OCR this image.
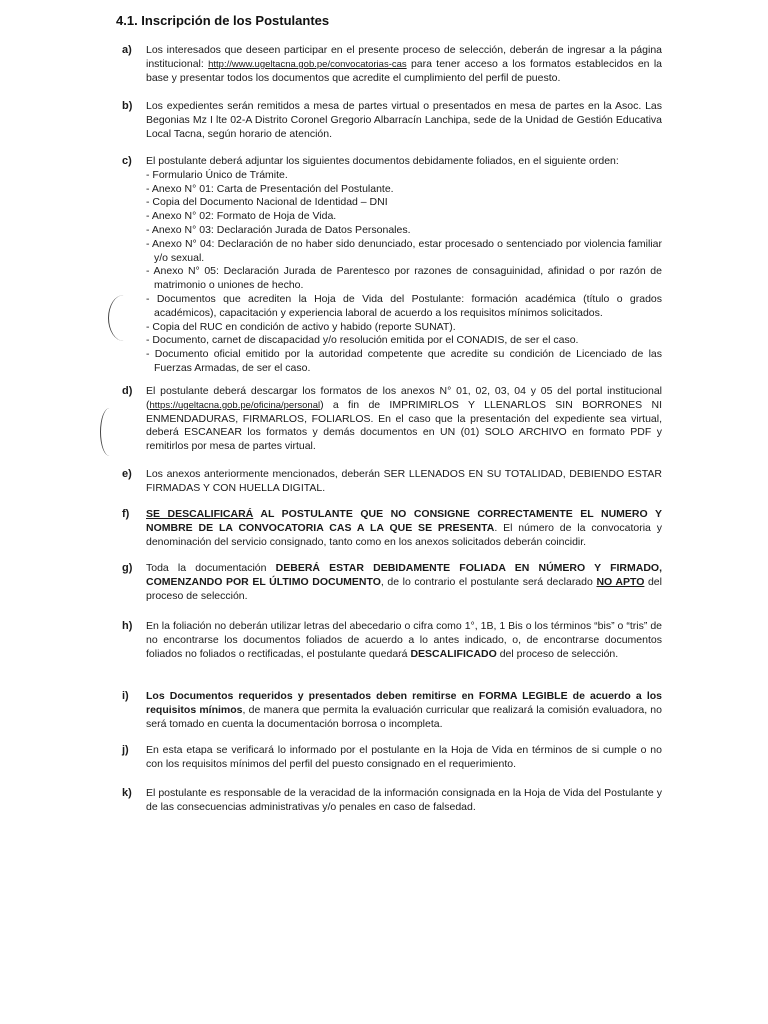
4.1. Inscripción de los Postulantes
a) Los interesados que deseen participar en el presente proceso de selección, deberán de ingresar a la página institucional: http://www.ugeltacna.gob.pe/convocatorias-cas para tener acceso a los formatos establecidos en la base y presentar todos los documentos que acredite el cumplimiento del perfil de puesto.
b) Los expedientes serán remitidos a mesa de partes virtual o presentados en mesa de partes en la Asoc. Las Begonias Mz I lte 02-A Distrito Coronel Gregorio Albarracín Lanchipa, sede de la Unidad de Gestión Educativa Local Tacna, según horario de atención.
c) El postulante deberá adjuntar los siguientes documentos debidamente foliados, en el siguiente orden:
- Formulario Único de Trámite.
- Anexo N° 01: Carta de Presentación del Postulante.
- Copia del Documento Nacional de Identidad – DNI
- Anexo N° 02: Formato de Hoja de Vida.
- Anexo N° 03: Declaración Jurada de Datos Personales.
- Anexo N° 04: Declaración de no haber sido denunciado, estar procesado o sentenciado por violencia familiar y/o sexual.
- Anexo N° 05: Declaración Jurada de Parentesco por razones de consaguinidad, afinidad o por razón de matrimonio o uniones de hecho.
- Documentos que acrediten la Hoja de Vida del Postulante: formación académica (título o grados académicos), capacitación y experiencia laboral de acuerdo a los requisitos mínimos solicitados.
- Copia del RUC en condición de activo y habido (reporte SUNAT).
- Documento, carnet de discapacidad y/o resolución emitida por el CONADIS, de ser el caso.
- Documento oficial emitido por la autoridad competente que acredite su condición de Licenciado de las Fuerzas Armadas, de ser el caso.
d) El postulante deberá descargar los formatos de los anexos N° 01, 02, 03, 04 y 05 del portal institucional (https://ugeltacna.gob.pe/oficina/personal) a fin de IMPRIMIRLOS Y LLENARLOS SIN BORRONES NI ENMENDADURAS, FIRMARLOS, FOLIARLOS. En el caso que la presentación del expediente sea virtual, deberá ESCANEAR los formatos y demás documentos en UN (01) SOLO ARCHIVO en formato PDF y remitirlos por mesa de partes virtual.
e) Los anexos anteriormente mencionados, deberán SER LLENADOS EN SU TOTALIDAD, DEBIENDO ESTAR FIRMADAS Y CON HUELLA DIGITAL.
f) SE DESCALIFICARÁ AL POSTULANTE QUE NO CONSIGNE CORRECTAMENTE EL NUMERO Y NOMBRE DE LA CONVOCATORIA CAS A LA QUE SE PRESENTA. El número de la convocatoria y denominación del servicio consignado, tanto como en los anexos solicitados deberán coincidir.
g) Toda la documentación DEBERÁ ESTAR DEBIDAMENTE FOLIADA EN NÚMERO Y FIRMADO, COMENZANDO POR EL ÚLTIMO DOCUMENTO, de lo contrario el postulante será declarado NO APTO del proceso de selección.
h) En la foliación no deberán utilizar letras del abecedario o cifra como 1°, 1B, 1 Bis o los términos “bis” o “tris” de no encontrarse los documentos foliados de acuerdo a lo antes indicado, o, de encontrarse documentos foliados no foliados o rectificadas, el postulante quedará DESCALIFICADO del proceso de selección.
i) Los Documentos requeridos y presentados deben remitirse en FORMA LEGIBLE de acuerdo a los requisitos mínimos, de manera que permita la evaluación curricular que realizará la comisión evaluadora, no será tomado en cuenta la documentación borrosa o incompleta.
j) En esta etapa se verificará lo informado por el postulante en la Hoja de Vida en términos de si cumple o no con los requisitos mínimos del perfil del puesto consignado en el requerimiento.
k) El postulante es responsable de la veracidad de la información consignada en la Hoja de Vida del Postulante y de las consecuencias administrativas y/o penales en caso de falsedad.
